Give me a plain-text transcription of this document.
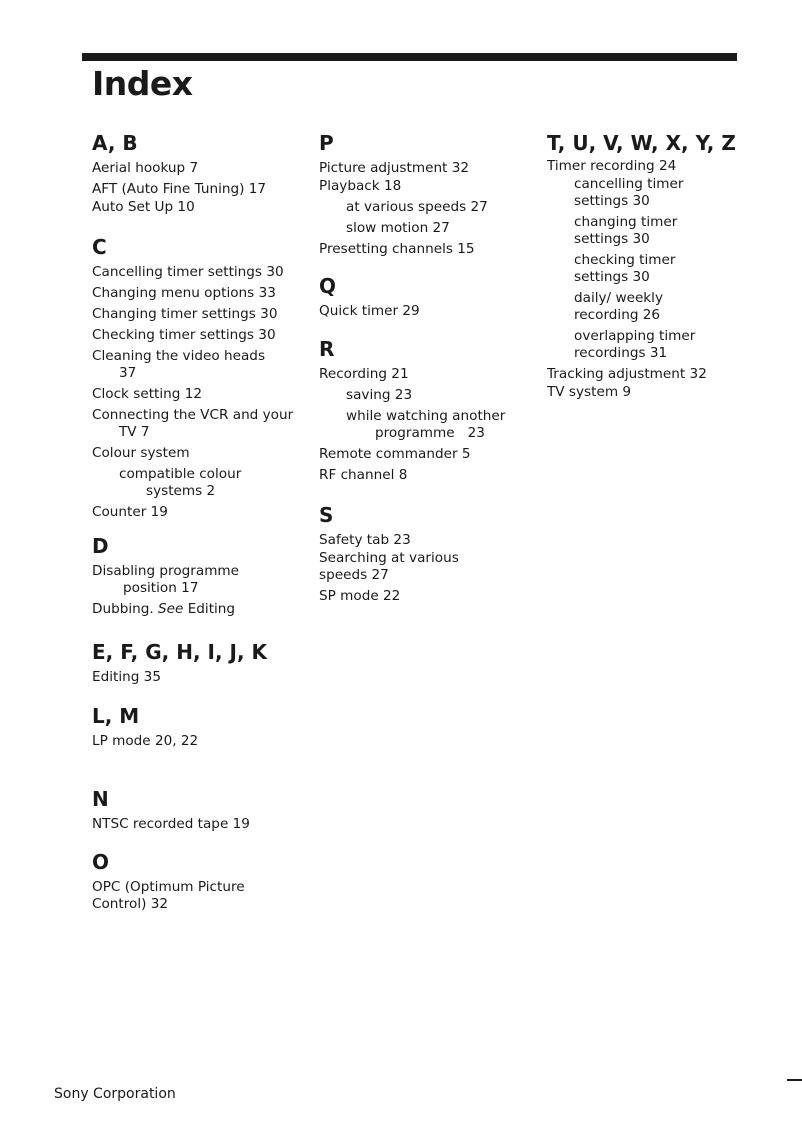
Index
A, B
Aerial hookup 7
AFT (Auto Fine Tuning) 17
Auto Set Up 10
C
Cancelling timer settings 30
Changing menu options 33
Changing timer settings 30
Checking timer settings 30
Cleaning the video heads 37
Clock setting 12
Connecting the VCR and your TV 7
Colour system
compatible colour systems 2
Counter 19
D
Disabling programme position 17
Dubbing. See Editing
E, F, G, H, I, J, K
Editing 35
L, M
LP mode 20, 22
N
NTSC recorded tape 19
O
OPC (Optimum Picture Control) 32
P
Picture adjustment 32
Playback 18
at various speeds 27
slow motion 27
Presetting channels 15
Q
Quick timer 29
R
Recording 21
saving 23
while watching another programme   23
Remote commander 5
RF channel 8
S
Safety tab 23
Searching at various speeds 27
SP mode 22
T, U, V, W, X, Y, Z
Timer recording 24
cancelling timer settings 30
changing timer settings 30
checking timer settings 30
daily/ weekly recording 26
overlapping timer recordings 31
Tracking adjustment 32
TV system 9
Sony Corporation
